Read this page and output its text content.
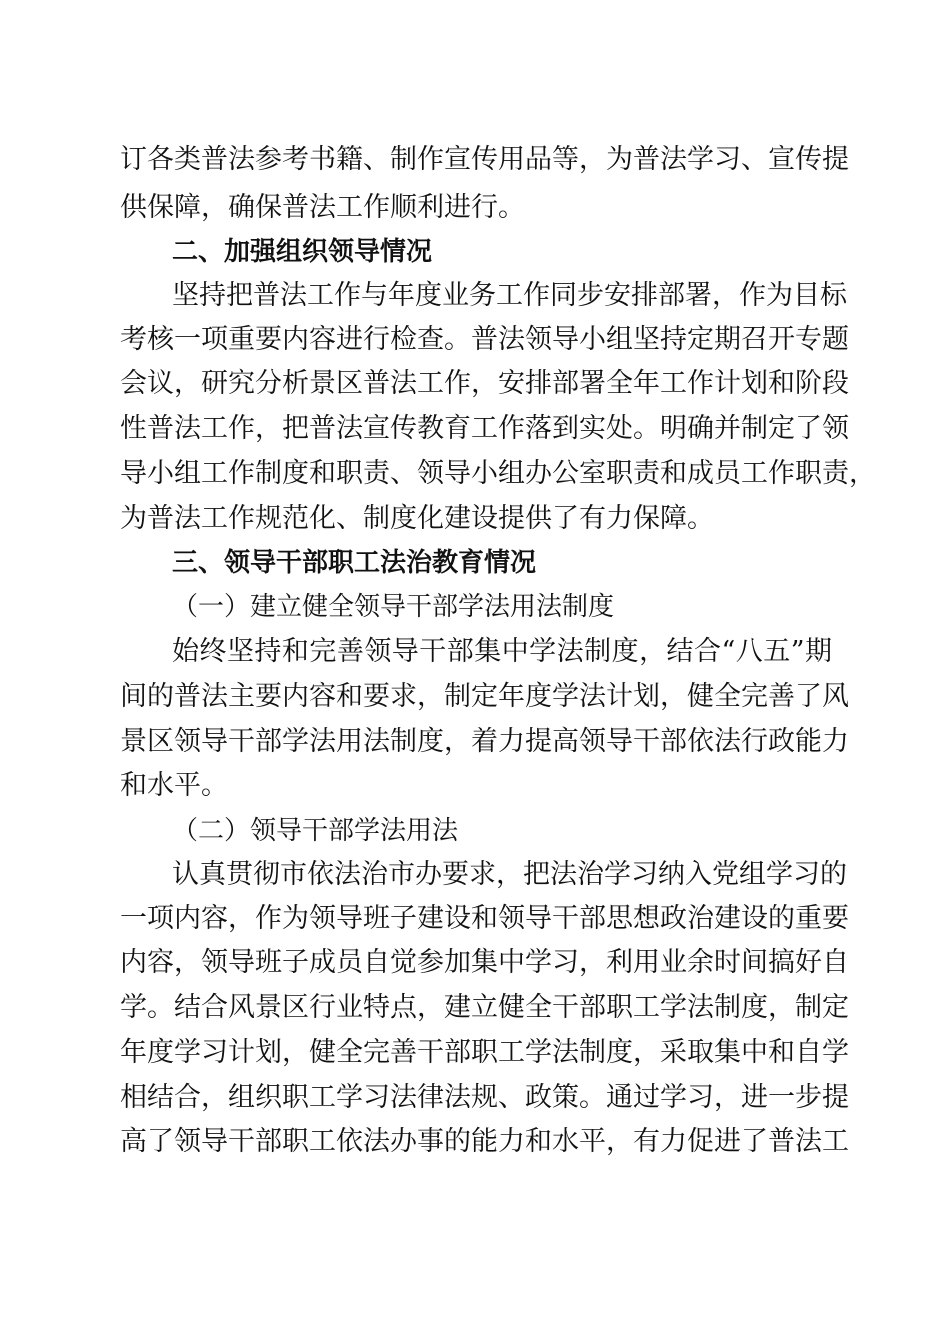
订各类普法参考书籍、制作宣传用品等，为普法学习、宣传提
供保障，确保普法工作顺利进行。
二、加强组织领导情况
坚持把普法工作与年度业务工作同步安排部署，作为目标
考核一项重要内容进行检查。普法领导小组坚持定期召开专题
会议，研究分析景区普法工作，安排部署全年工作计划和阶段
性普法工作，把普法宣传教育工作落到实处。明确并制定了领
导小组工作制度和职责、领导小组办公室职责和成员工作职责，
为普法工作规范化、制度化建设提供了有力保障。
三、领导干部职工法治教育情况
（一）建立健全领导干部学法用法制度
始终坚持和完善领导干部集中学法制度，结合“八五”期
间的普法主要内容和要求，制定年度学法计划，健全完善了风
景区领导干部学法用法制度，着力提高领导干部依法行政能力
和水平。
（二）领导干部学法用法
认真贯彻市依法治市办要求，把法治学习纳入党组学习的
一项内容，作为领导班子建设和领导干部思想政治建设的重要
内容，领导班子成员自觉参加集中学习，利用业余时间搞好自
学。结合风景区行业特点，建立健全干部职工学法制度，制定
年度学习计划，健全完善干部职工学法制度，采取集中和自学
相结合，组织职工学习法律法规、政策。通过学习，进一步提
高了领导干部职工依法办事的能力和水平，有力促进了普法工
